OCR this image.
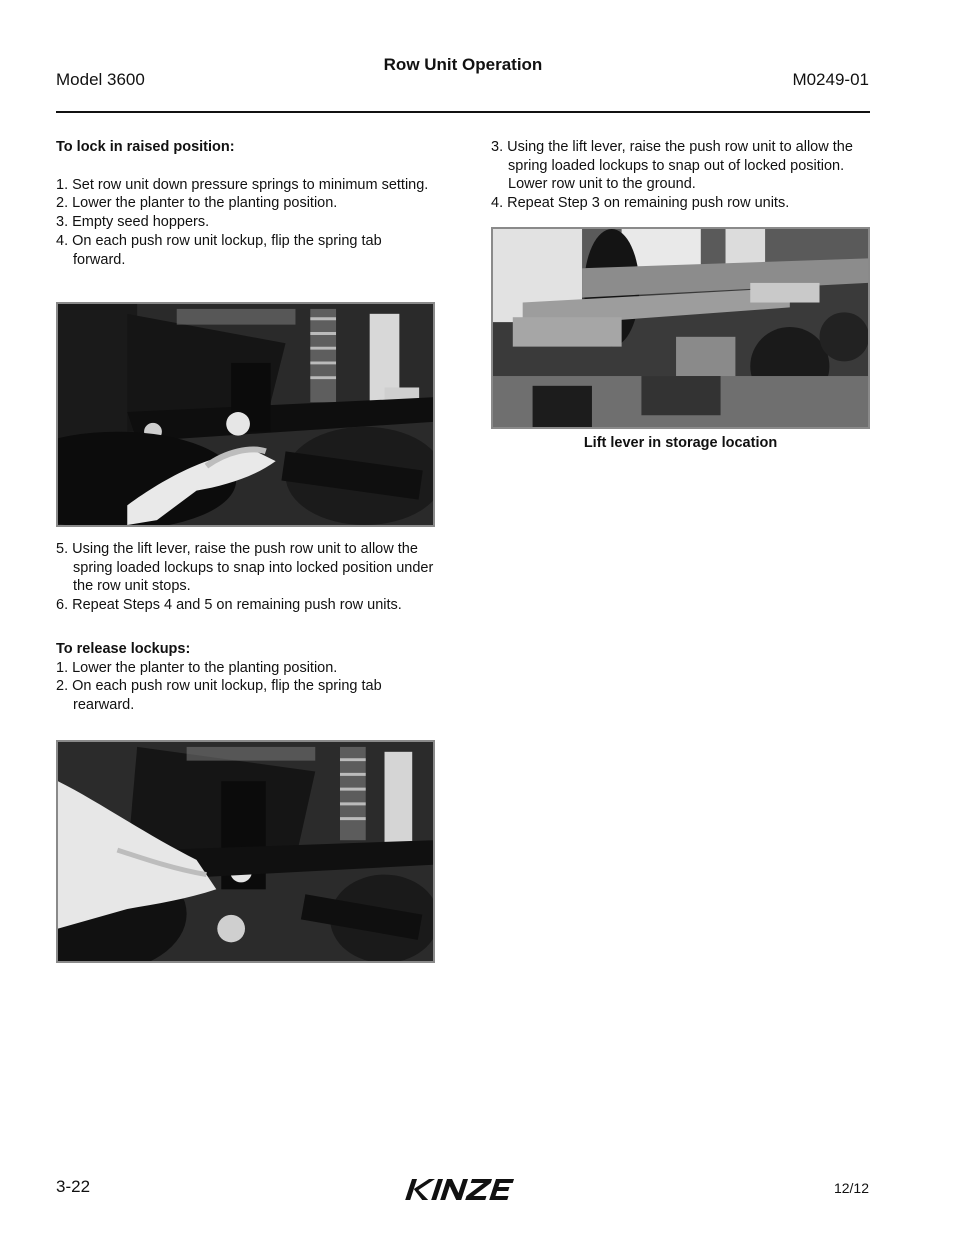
Row Unit Operation
Model 3600	M0249-01

To lock in raised position:

1. Set row unit down pressure springs to minimum setting.

2. Lower the planter to the planting position.

3. Empty seed hoppers.

4. On each push row unit lockup, flip the spring tab forward.

5. Using the lift lever, raise the push row unit to allow the spring loaded lockups to snap into locked position under the row unit stops.

6. Repeat Steps 4 and 5 on remaining push row units.

To release lockups:

1. Lower the planter to the planting position.

2. On each push row unit lockup, flip the spring tab rearward.

3. Using the lift lever, raise the push row unit to allow the spring loaded lockups to snap out of locked position. Lower row unit to the ground.

4. Repeat Step 3 on remaining push row units.

Lift lever in storage location
3-22	12/12
